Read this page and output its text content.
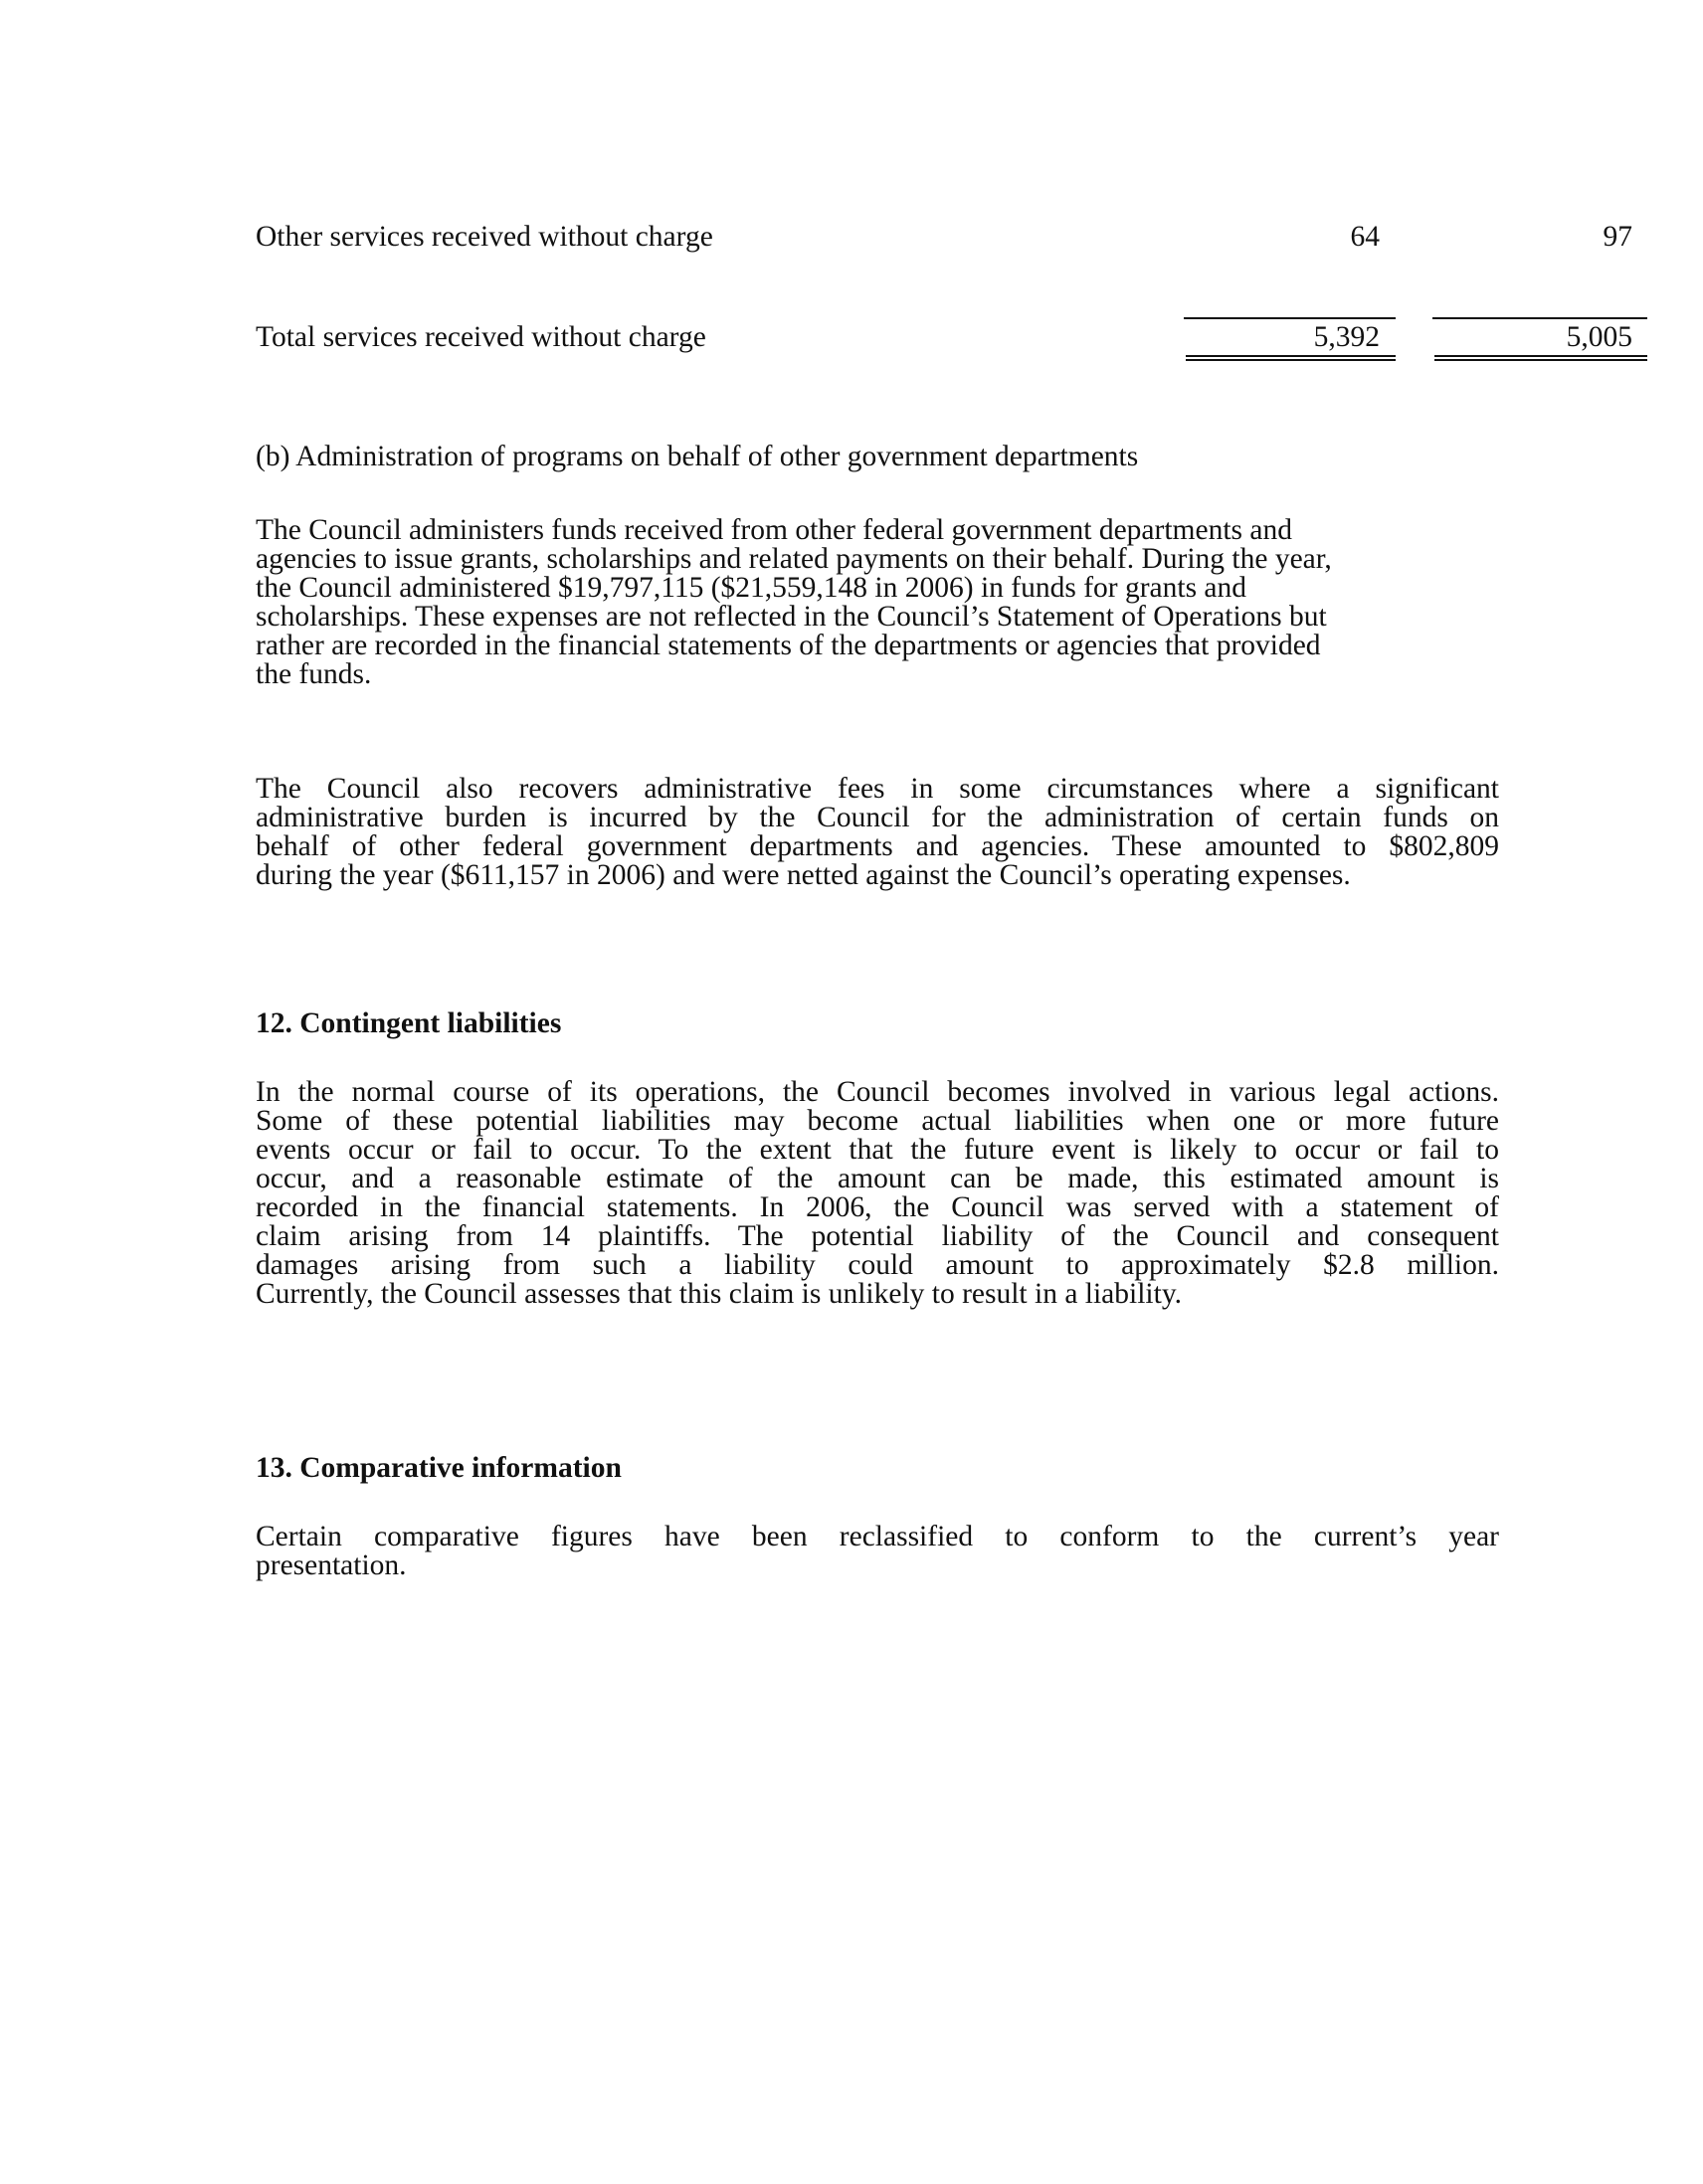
Other services received without charge	64	97
Total services received without charge	5,392	5,005
(b) Administration of programs on behalf of other government departments
The Council administers funds received from other federal government departments and
agencies to issue grants, scholarships and related payments on their behalf. During the year,
the Council administered $19,797,115 ($21,559,148 in 2006) in funds for grants and
scholarships. These expenses are not reflected in the Council’s Statement of Operations but
rather are recorded in the financial statements of the departments or agencies that provided
the funds.
The Council also recovers administrative fees in some circumstances where a significant
administrative burden is incurred by the Council for the administration of certain funds on
behalf of other federal government departments and agencies. These amounted to $802,809
during the year ($611,157 in 2006) and were netted against the Council’s operating expenses.
12. Contingent liabilities
In the normal course of its operations, the Council becomes involved in various legal actions.
Some of these potential liabilities may become actual liabilities when one or more future
events occur or fail to occur. To the extent that the future event is likely to occur or fail to
occur, and a reasonable estimate of the amount can be made, this estimated amount is
recorded in the financial statements. In 2006, the Council was served with a statement of
claim arising from 14 plaintiffs. The potential liability of the Council and consequent
damages arising from such a liability could amount to approximately $2.8 million.
Currently, the Council assesses that this claim is unlikely to result in a liability.
13. Comparative information
Certain comparative figures have been reclassified to conform to the current’s year
presentation.
